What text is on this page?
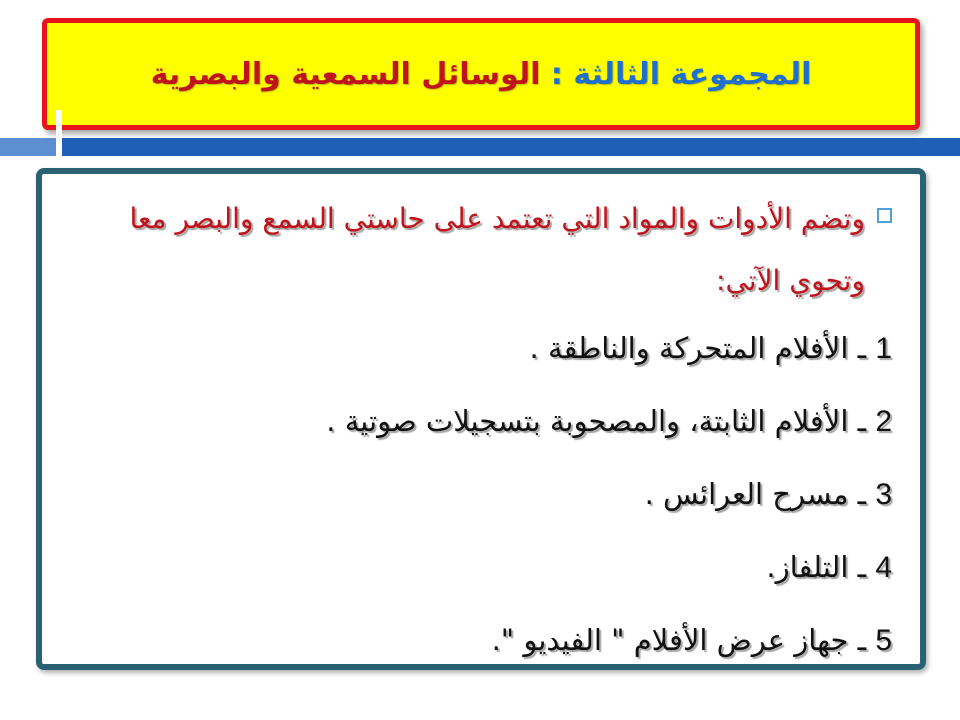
المجموعة الثالثة : الوسائل السمعية والبصرية
وتضم الأدوات والمواد التي تعتمد على حاستي السمع والبصر معا وتحوي الآتي:
1 ـ الأفلام المتحركة والناطقة .
2 ـ الأفلام الثابتة، والمصحوبة بتسجيلات صوتية .
3 ـ مسرح العرائس .
4 ـ التلفاز.
5 ـ جهاز عرض الأفلام " الفيديو ".
